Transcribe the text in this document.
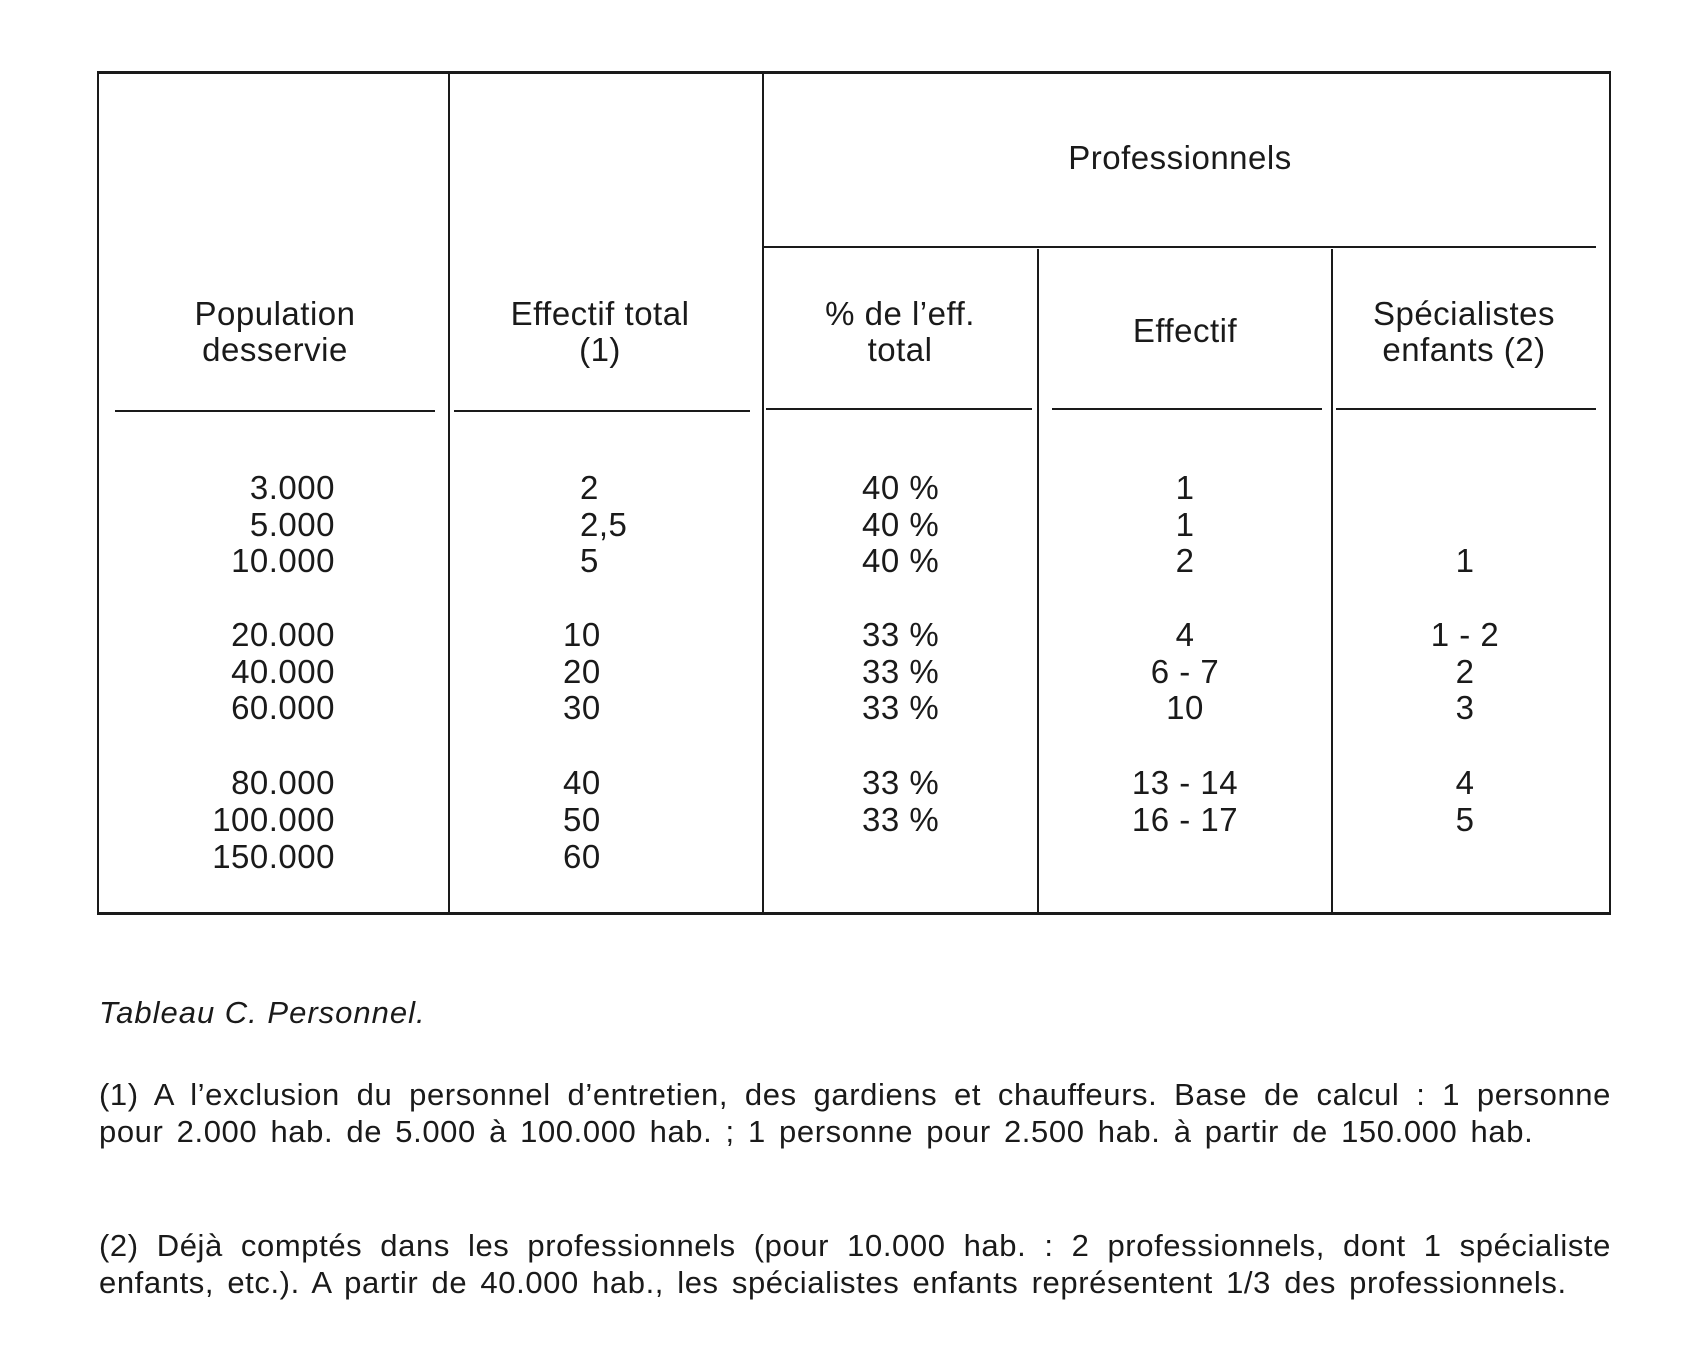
Population desservie
Effectif total (1)
Professionnels
% de l’eff. total
Effectif	Spécialistes enfants (2)
3.000
5.000
10.000
2
2,5
5
40 %
40 %
40 %
1
1
2	1
20.000
40.000
60.000
10
20
30
33 %
33 %
33 %
4
6 - 7
10
1 - 2
2
3
80.000
100.000
150.000
40
50
60
33 %
33 %
13 - 14
16 - 17
4
5
Tableau C. Personnel.
(1) A l’exclusion du personnel d’entretien, des gardiens et chauffeurs. Base de calcul : 1 personne pour 2.000 hab. de 5.000 à 100.000 hab. ; 1 personne pour 2.500 hab. à partir de 150.000 hab.
(2) Déjà comptés dans les professionnels (pour 10.000 hab. : 2 professionnels, dont 1 spécialiste enfants, etc.). A partir de 40.000 hab., les spécialistes enfants représentent 1/3 des professionnels.
